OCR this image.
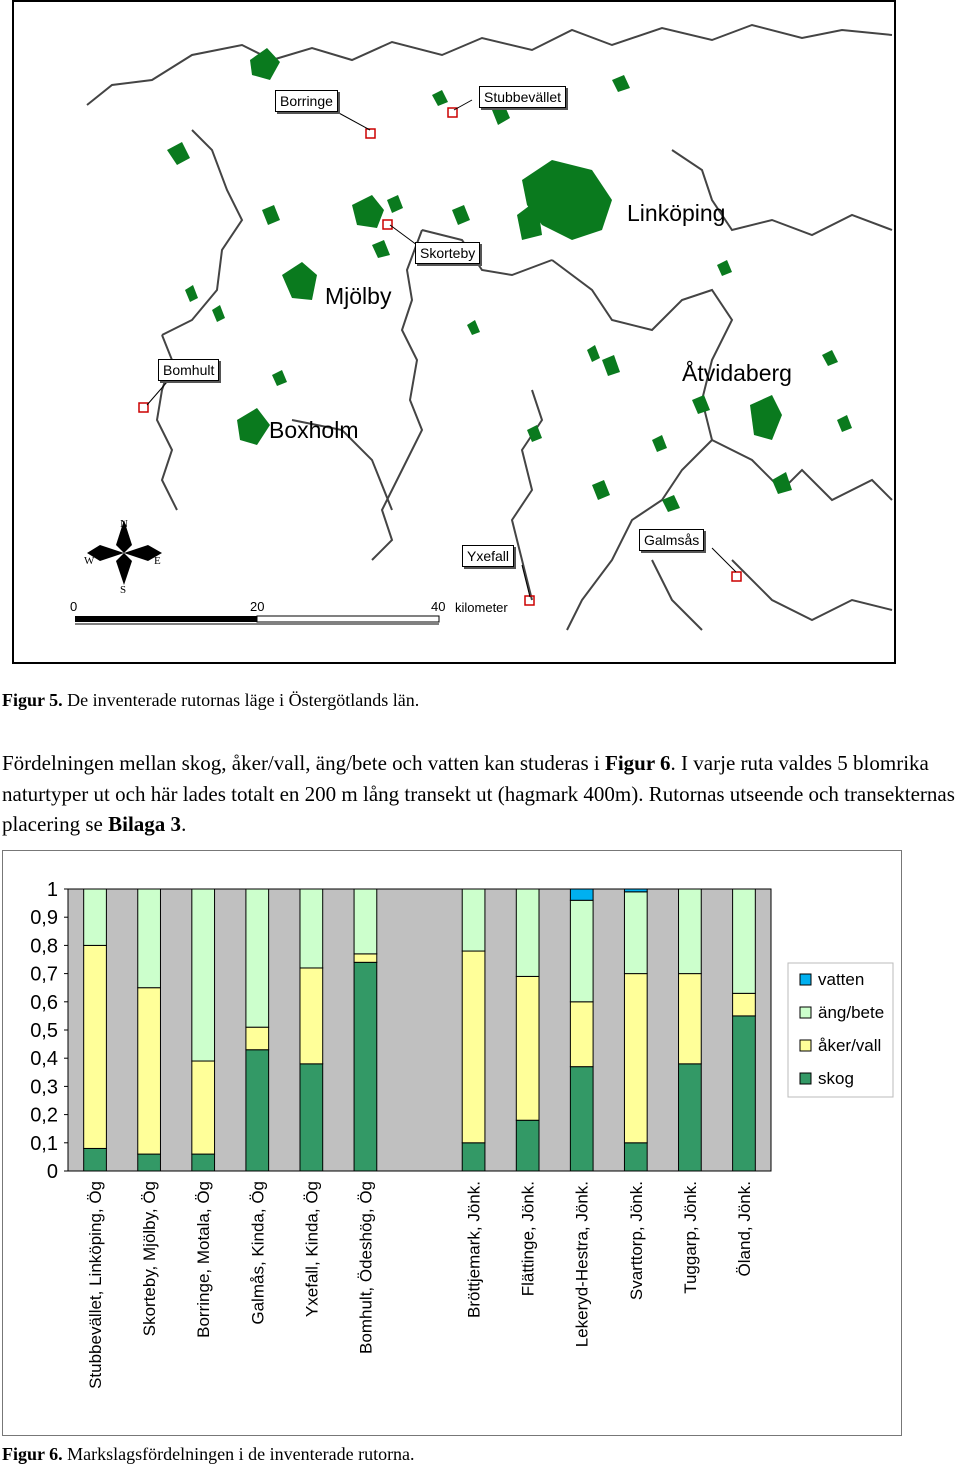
Borringe	Stubbevället
Skorteby
Bomhult
Yxefall
Galmsås
Linköping
Mjölby
Åtvidaberg
Boxholm
N
S
W	E
0	20	40 kilometer
Figur 5. De inventerade rutornas läge i Östergötlands län.
Fördelningen mellan skog, åker/vall, äng/bete och vatten kan studeras i Figur 6. I varje ruta valdes 5 blomrika naturtyper ut och här lades totalt en 200 m lång transekt ut (hagmark 400m). Rutornas utseende och transekternas placering se Bilaga 3.
0
0,1
0,2
0,3
0,4
0,5
0,6
0,7
0,8
0,9
1
Stubbevället, Linköping, Ög Skorteby, Mjölby, Ög Borringe, Motala, Ög Galmås, Kinda, Ög Yxefall, Kinda, Ög Bomhult, Ödeshög, Ög	Bröttjemark, Jönk. Flättinge, Jönk. Lekeryd-Hestra, Jönk. Svarttorp, Jönk. Tuggarp, Jönk. Öland, Jönk.
vatten
äng/bete
åker/vall
skog
Figur 6. Markslagsfördelningen i de inventerade rutorna.
